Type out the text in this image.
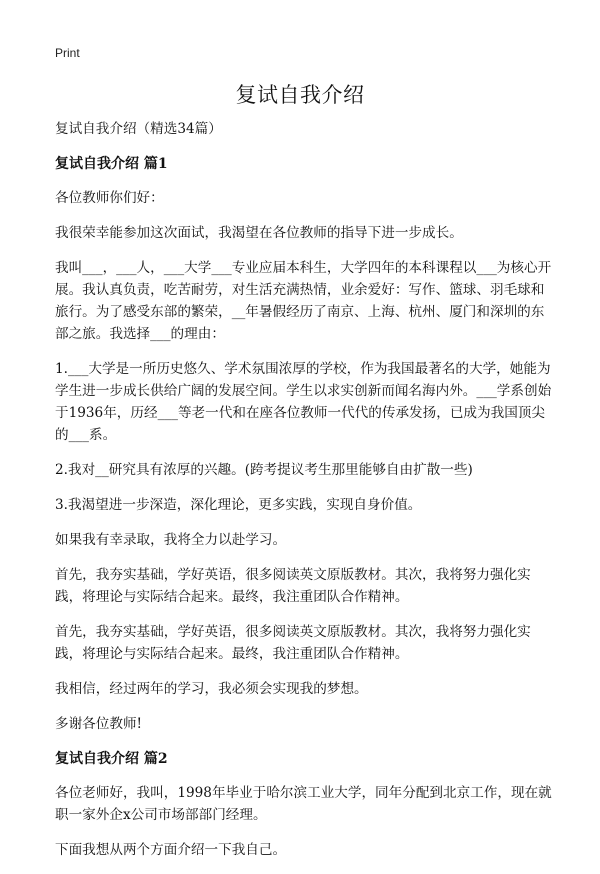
Print
复试自我介绍

复试自我介绍（精选34篇）

复试自我介绍 篇1

各位教师你们好：

我很荣幸能参加这次面试，我渴望在各位教师的指导下进一步成长。

我叫___，___人，___大学___专业应届本科生，大学四年的本科课程以___为核心开展。我认真负责，吃苦耐劳，对生活充满热情，业余爱好：写作、篮球、羽毛球和旅行。为了感受东部的繁荣，__年暑假经历了南京、上海、杭州、厦门和深圳的东部之旅。我选择___的理由：

1.___大学是一所历史悠久、学术氛围浓厚的学校，作为我国最著名的大学，她能为学生进一步成长供给广阔的发展空间。学生以求实创新而闻名海内外。___学系创始于1936年，历经___等老一代和在座各位教师一代代的传承发扬，已成为我国顶尖的___系。

2.我对__研究具有浓厚的兴趣。(跨考提议考生那里能够自由扩散一些)

3.我渴望进一步深造，深化理论，更多实践，实现自身价值。

如果我有幸录取，我将全力以赴学习。

首先，我夯实基础，学好英语，很多阅读英文原版教材。其次，我将努力强化实践，将理论与实际结合起来。最终，我注重团队合作精神。

首先，我夯实基础，学好英语，很多阅读英文原版教材。其次，我将努力强化实践，将理论与实际结合起来。最终，我注重团队合作精神。

我相信，经过两年的学习，我必须会实现我的梦想。

多谢各位教师!

复试自我介绍 篇2

各位老师好，我叫，1998年毕业于哈尔滨工业大学，同年分配到北京工作，现在就职一家外企x公司市场部部门经理。

下面我想从两个方面介绍一下我自己。
